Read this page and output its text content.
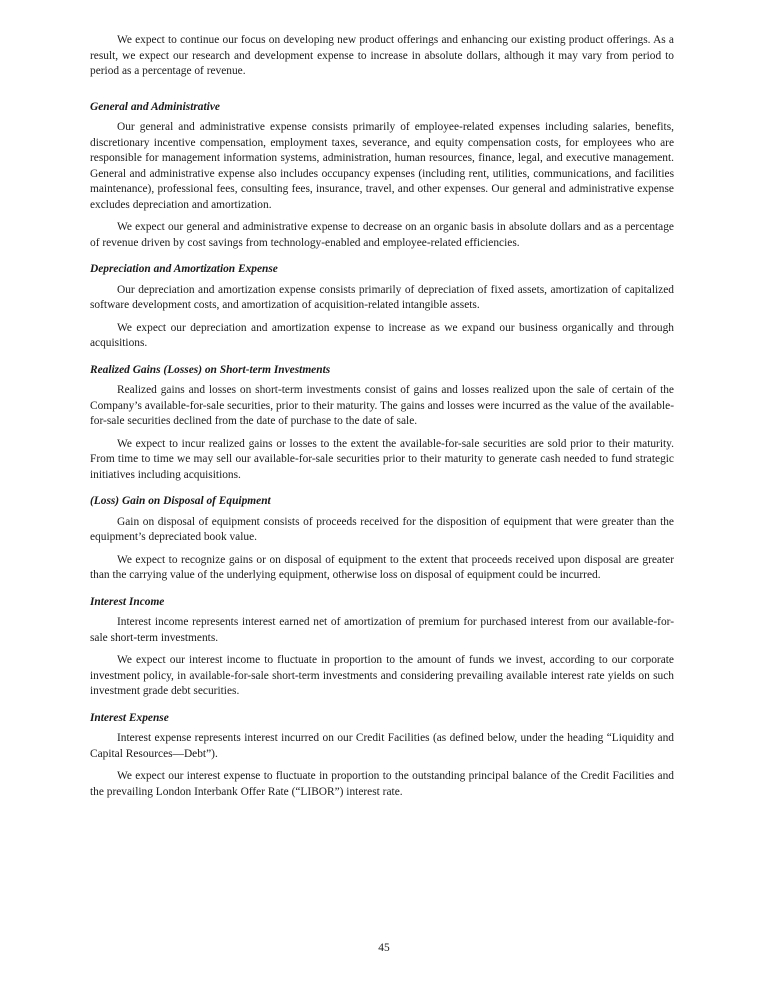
We expect to continue our focus on developing new product offerings and enhancing our existing product offerings. As a result, we expect our research and development expense to increase in absolute dollars, although it may vary from period to period as a percentage of revenue.

General and Administrative

Our general and administrative expense consists primarily of employee-related expenses including salaries, benefits, discretionary incentive compensation, employment taxes, severance, and equity compensation costs, for employees who are responsible for management information systems, administration, human resources, finance, legal, and executive management. General and administrative expense also includes occupancy expenses (including rent, utilities, communications, and facilities maintenance), professional fees, consulting fees, insurance, travel, and other expenses. Our general and administrative expense excludes depreciation and amortization.

We expect our general and administrative expense to decrease on an organic basis in absolute dollars and as a percentage of revenue driven by cost savings from technology-enabled and employee-related efficiencies.

Depreciation and Amortization Expense

Our depreciation and amortization expense consists primarily of depreciation of fixed assets, amortization of capitalized software development costs, and amortization of acquisition-related intangible assets.

We expect our depreciation and amortization expense to increase as we expand our business organically and through acquisitions.

Realized Gains (Losses) on Short-term Investments

Realized gains and losses on short-term investments consist of gains and losses realized upon the sale of certain of the Company’s available-for-sale securities, prior to their maturity. The gains and losses were incurred as the value of the available-for-sale securities declined from the date of purchase to the date of sale.

We expect to incur realized gains or losses to the extent the available-for-sale securities are sold prior to their maturity. From time to time we may sell our available-for-sale securities prior to their maturity to generate cash needed to fund strategic initiatives including acquisitions.

(Loss) Gain on Disposal of Equipment

Gain on disposal of equipment consists of proceeds received for the disposition of equipment that were greater than the equipment’s depreciated book value.

We expect to recognize gains or on disposal of equipment to the extent that proceeds received upon disposal are greater than the carrying value of the underlying equipment, otherwise loss on disposal of equipment could be incurred.

Interest Income

Interest income represents interest earned net of amortization of premium for purchased interest from our available-for-sale short-term investments.

We expect our interest income to fluctuate in proportion to the amount of funds we invest, according to our corporate investment policy, in available-for-sale short-term investments and considering prevailing available interest rate yields on such investment grade debt securities.

Interest Expense

Interest expense represents interest incurred on our Credit Facilities (as defined below, under the heading “Liquidity and Capital Resources—Debt”).

We expect our interest expense to fluctuate in proportion to the outstanding principal balance of the Credit Facilities and the prevailing London Interbank Offer Rate (“LIBOR”) interest rate.

45
